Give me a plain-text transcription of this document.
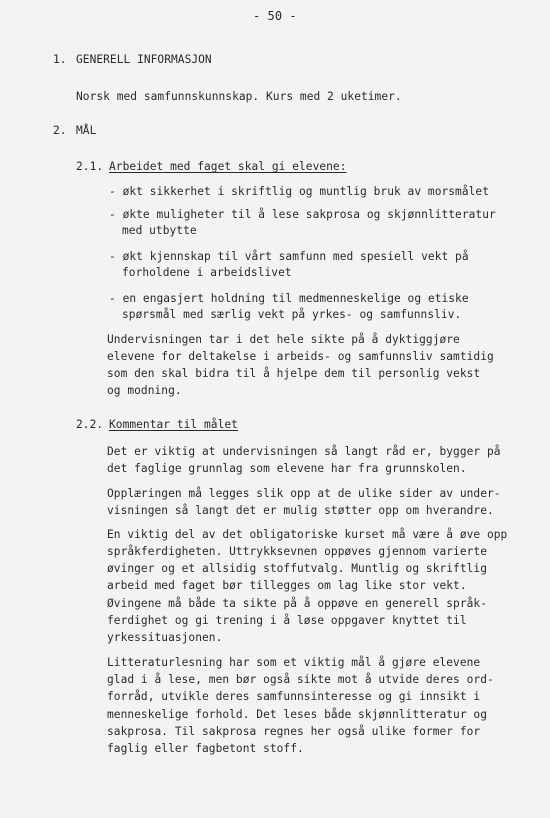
- 50 -
1. GENERELL INFORMASJON
Norsk med samfunnskunnskap. Kurs med 2 uketimer.
2. MÅL
2.1. Arbeidet med faget skal gi elevene:
- økt sikkerhet i skriftlig og muntlig bruk av morsmålet
- økte muligheter til å lese sakprosa og skjønnlitteratur
med utbytte
- økt kjennskap til vårt samfunn med spesiell vekt på
forholdene i arbeidslivet
- en engasjert holdning til medmenneskelige og etiske
spørsmål med særlig vekt på yrkes- og samfunnsliv.
Undervisningen tar i det hele sikte på å dyktiggjøre
elevene for deltakelse i arbeids- og samfunnsliv samtidig
som den skal bidra til å hjelpe dem til personlig vekst
og modning.
2.2. Kommentar til målet
Det er viktig at undervisningen så langt råd er, bygger på
det faglige grunnlag som elevene har fra grunnskolen.
Opplæringen må legges slik opp at de ulike sider av under-
visningen så langt det er mulig støtter opp om hverandre.
En viktig del av det obligatoriske kurset må være å øve opp
språkferdigheten. Uttrykksevnen oppøves gjennom varierte
øvinger og et allsidig stoffutvalg. Muntlig og skriftlig
arbeid med faget bør tillegges om lag like stor vekt.
Øvingene må både ta sikte på å oppøve en generell språk-
ferdighet og gi trening i å løse oppgaver knyttet til
yrkessituasjonen.
Litteraturlesning har som et viktig mål å gjøre elevene
glad i å lese, men bør også sikte mot å utvide deres ord-
forråd, utvikle deres samfunnsinteresse og gi innsikt i
menneskelige forhold. Det leses både skjønnlitteratur og
sakprosa. Til sakprosa regnes her også ulike former for
faglig eller fagbetont stoff.
